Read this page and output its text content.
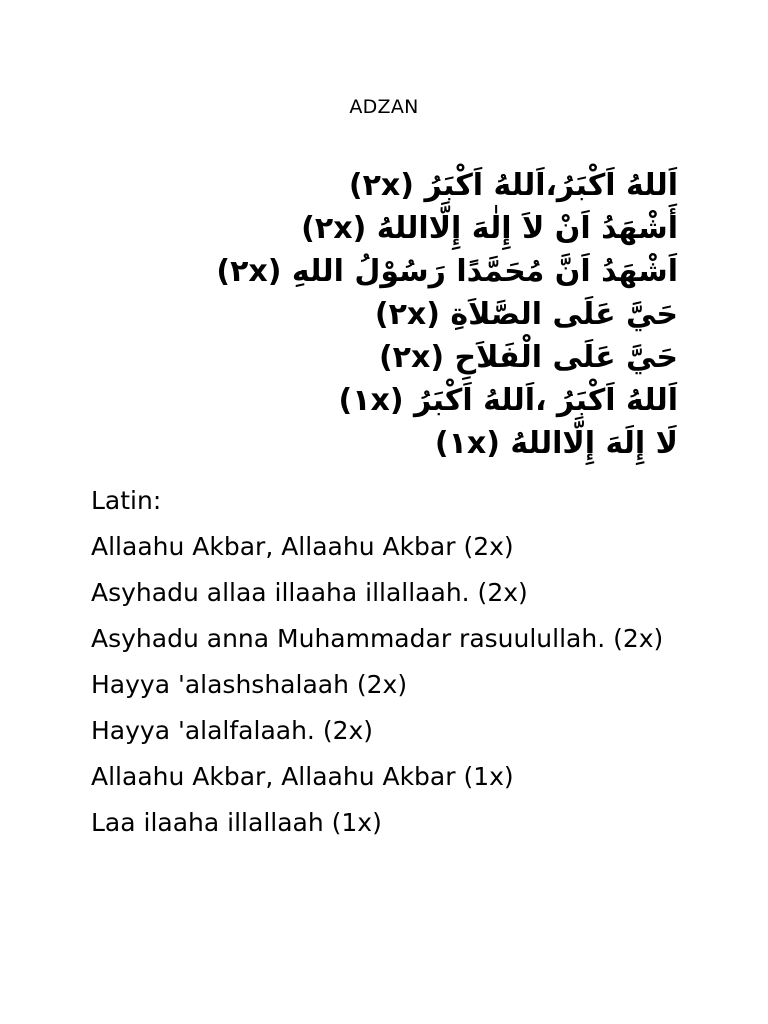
ADZAN
اَللهُ اَكْبَرُ،اَللهُ اَكْبَرُ (٢x)
أَشْهَدُ اَنْ لاَ إِلٰهَ إِلَّااللهُ (٢x)
اَشْهَدُ اَنَّ مُحَمَّدًا رَسُوْلُ اللهِ (٢x)
حَيَّ عَلَى الصَّلاَةِ (٢x)
حَيَّ عَلَى الْفَلاَحِ (٢x)
اَللهُ اَكْبَرُ ،اَللهُ اَكْبَرُ (١x)
لَا إِلَهَ إِلَّااللهُ (١x)
Latin:
Allaahu Akbar, Allaahu Akbar (2x)
Asyhadu allaa illaaha illallaah. (2x)
Asyhadu anna Muhammadar rasuulullah. (2x)
Hayya 'alashshalaah (2x)
Hayya 'alalfalaah. (2x)
Allaahu Akbar, Allaahu Akbar (1x)
Laa ilaaha illallaah (1x)
